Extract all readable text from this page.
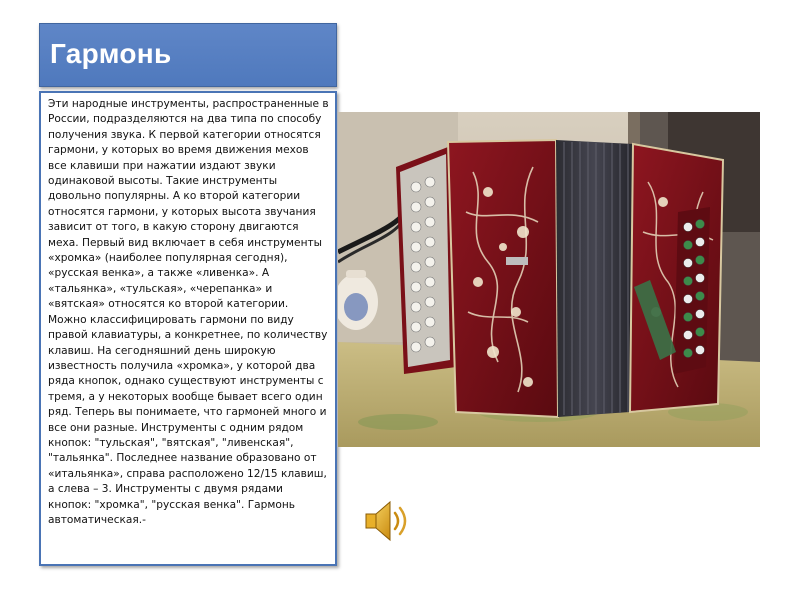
Гармонь

Эти народные инструменты, распространенные в России, подразделяются на два типа по способу получения звука. К первой категории относятся гармони, у которых во время движения мехов все клавиши при нажатии издают звуки одинаковой высоты. Такие инструменты довольно популярны. А ко второй категории относятся гармони, у которых высота звучания зависит от того, в какую сторону двигаются меха. Первый вид включает в себя инструменты «хромка» (наиболее популярная сегодня), «русская венка», а также «ливенка». А «тальянка», «тульская», «черепанка» и «вятская» относятся ко второй категории. Можно классифицировать гармони по виду правой клавиатуры, а конкретнее, по количеству клавиш. На сегодняшний день широкую известность получила «хромка», у которой два ряда кнопок, однако существуют инструменты с тремя, а у некоторых вообще бывает всего один ряд. Теперь вы понимаете, что гармоней много и все они разные. Инструменты с одним рядом кнопок: "тульская", "вятская", "ливенская", "тальянка". Последнее название образовано от «итальянка», справа расположено 12/15 клавиш, а слева – 3. Инструменты с двумя рядами кнопок: "хромка", "русская венка". Гармонь автоматическая.-
